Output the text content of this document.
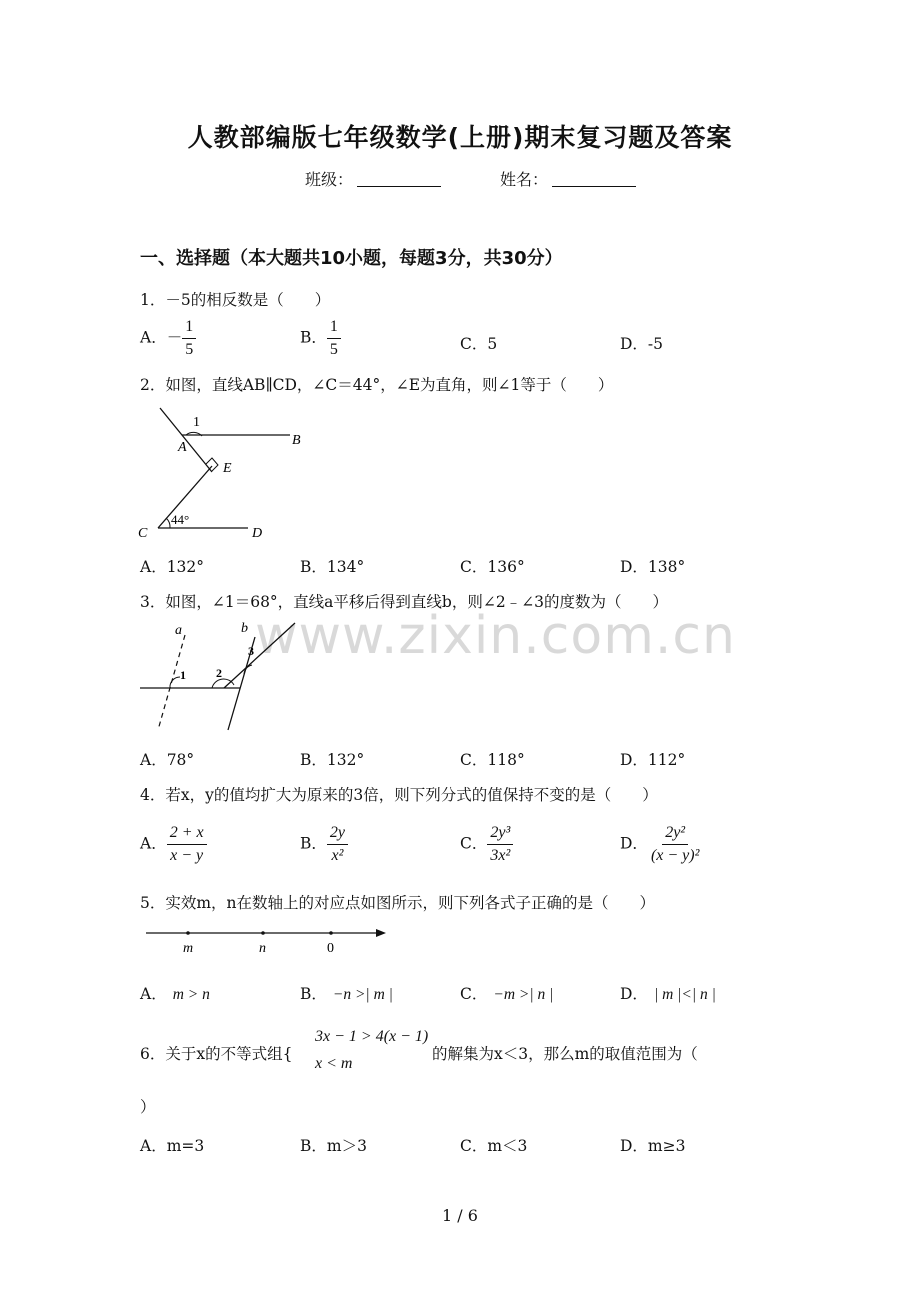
人教部编版七年级数学(上册)期末复习题及答案
班级：	姓名：
一、选择题（本大题共10小题，每题3分，共30分）
1．－5的相反数是（　　）
A．－ $\frac{1}{5}$	B． $\frac{1}{5}$	C．5	D．-5
2．如图，直线AB∥CD，∠C＝44°，∠E为直角，则∠1等于（　　）
1
A	B
E
C	D
44°
A．132°	B．134°	C．136°	D．138°
www.zixin.com.cn
3．如图，∠1＝68°，直线a平移后得到直线b，则∠2﹣∠3的度数为（　　）
a	b
1	2
3
A．78°	B．132°	C．118°	D．112°
4．若x，y的值均扩大为原来的3倍，则下列分式的值保持不变的是（　　）
A． $\frac{2 + x}{x - y}$	B． $\frac{2y}{\text{x²}}$	C． $\frac{\text{2y³}}{\text{3x²}}$	D． $\frac{\text{2y²}}{\text{(x − y)²}}$
5．实效m，n在数轴上的对应点如图所示，则下列各式子正确的是（　　）
m	n	0
A． m > n	B． −n >| m |	C． −m >| n |	D． | m |<| n |
6．关于x的不等式组{
3x − 1 > 4(x − 1)
x < m
的解集为x＜3，那么m的取值范围为（
）
A．m=3	B．m＞3	C．m＜3	D．m≥3
1 / 6
